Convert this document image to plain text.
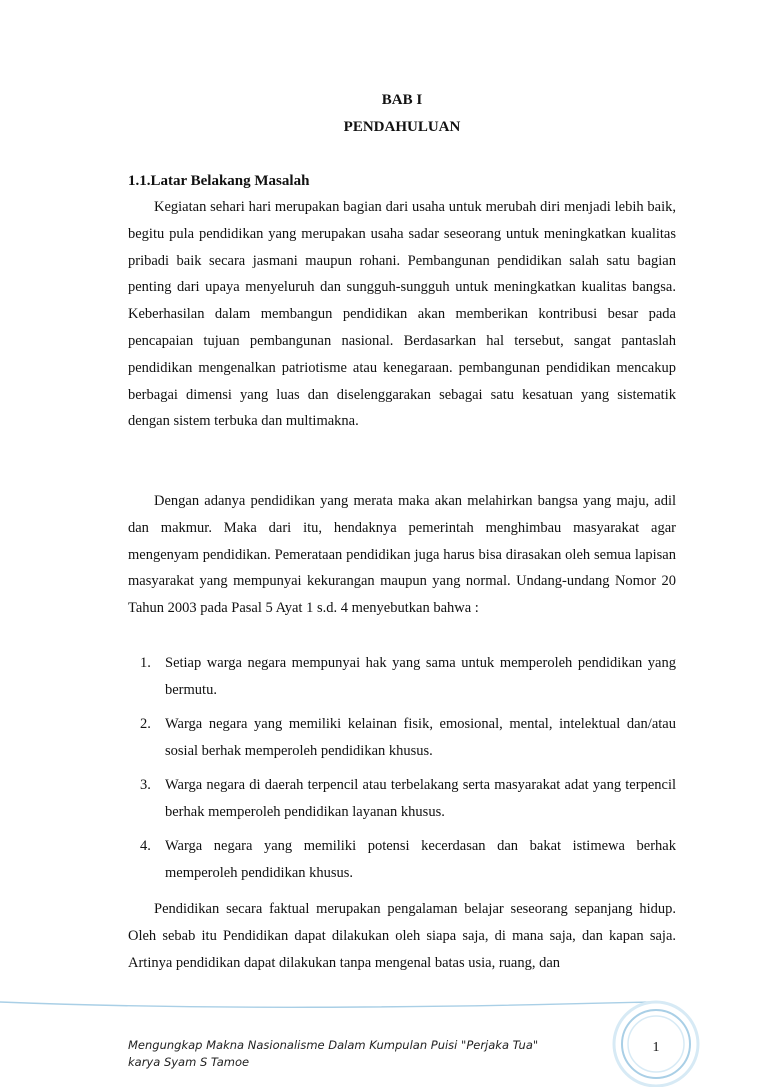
BAB I
PENDAHULUAN
1.1.Latar Belakang Masalah

Kegiatan sehari hari merupakan bagian dari usaha untuk merubah diri menjadi lebih baik, begitu pula pendidikan yang merupakan usaha sadar seseorang untuk meningkatkan kualitas pribadi baik secara jasmani maupun rohani. Pembangunan pendidikan salah satu bagian penting dari upaya menyeluruh dan sungguh-sungguh untuk meningkatkan kualitas bangsa. Keberhasilan dalam membangun pendidikan akan memberikan kontribusi besar pada pencapaian tujuan pembangunan nasional. Berdasarkan hal tersebut, sangat pantaslah pendidikan mengenalkan patriotisme atau kenegaraan. pembangunan pendidikan mencakup berbagai dimensi yang luas dan diselenggarakan sebagai satu kesatuan yang sistematik dengan sistem terbuka dan multimakna.

Dengan adanya pendidikan yang merata maka akan melahirkan bangsa yang maju, adil dan makmur. Maka dari itu, hendaknya pemerintah menghimbau masyarakat agar mengenyam pendidikan. Pemerataan pendidikan juga harus bisa dirasakan oleh semua lapisan masyarakat yang mempunyai kekurangan maupun yang normal. Undang-undang Nomor 20 Tahun 2003 pada Pasal 5 Ayat 1 s.d. 4 menyebutkan bahwa :

1. Setiap warga negara mempunyai hak yang sama untuk memperoleh pendidikan yang bermutu.
2. Warga negara yang memiliki kelainan fisik, emosional, mental, intelektual dan/atau sosial berhak memperoleh pendidikan khusus.
3. Warga negara di daerah terpencil atau terbelakang serta masyarakat adat yang terpencil berhak memperoleh pendidikan layanan khusus.
4. Warga negara yang memiliki potensi kecerdasan dan bakat istimewa berhak memperoleh pendidikan khusus.

Pendidikan secara faktual merupakan pengalaman belajar seseorang sepanjang hidup. Oleh sebab itu Pendidikan dapat dilakukan oleh siapa saja, di mana saja, dan kapan saja. Artinya pendidikan dapat dilakukan tanpa mengenal batas usia, ruang, dan

Mengungkap Makna Nasionalisme Dalam Kumpulan Puisi "Perjaka Tua"
karya Syam S Tamoe
1
